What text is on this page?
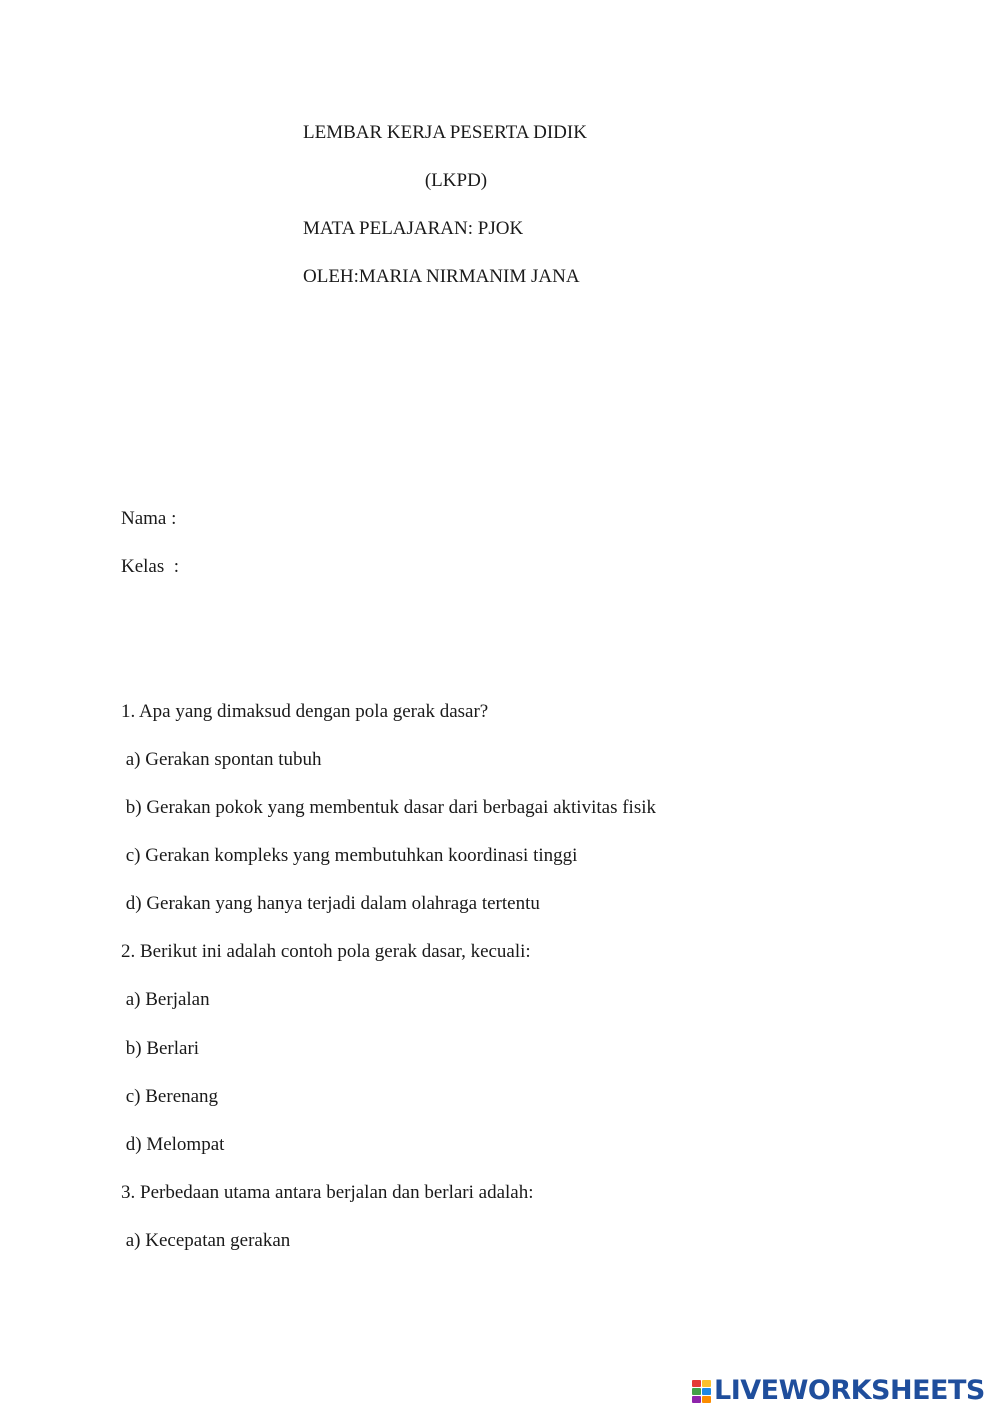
LEMBAR KERJA PESERTA DIDIK
(LKPD)
MATA PELAJARAN: PJOK
OLEH:MARIA NIRMANIM JANA
Nama :
Kelas  :
1. Apa yang dimaksud dengan pola gerak dasar?
a) Gerakan spontan tubuh
b) Gerakan pokok yang membentuk dasar dari berbagai aktivitas fisik
c) Gerakan kompleks yang membutuhkan koordinasi tinggi
d) Gerakan yang hanya terjadi dalam olahraga tertentu
2. Berikut ini adalah contoh pola gerak dasar, kecuali:
a) Berjalan
b) Berlari
c) Berenang
d) Melompat
3. Perbedaan utama antara berjalan dan berlari adalah:
a) Kecepatan gerakan
LIVEWORKSHEETS
